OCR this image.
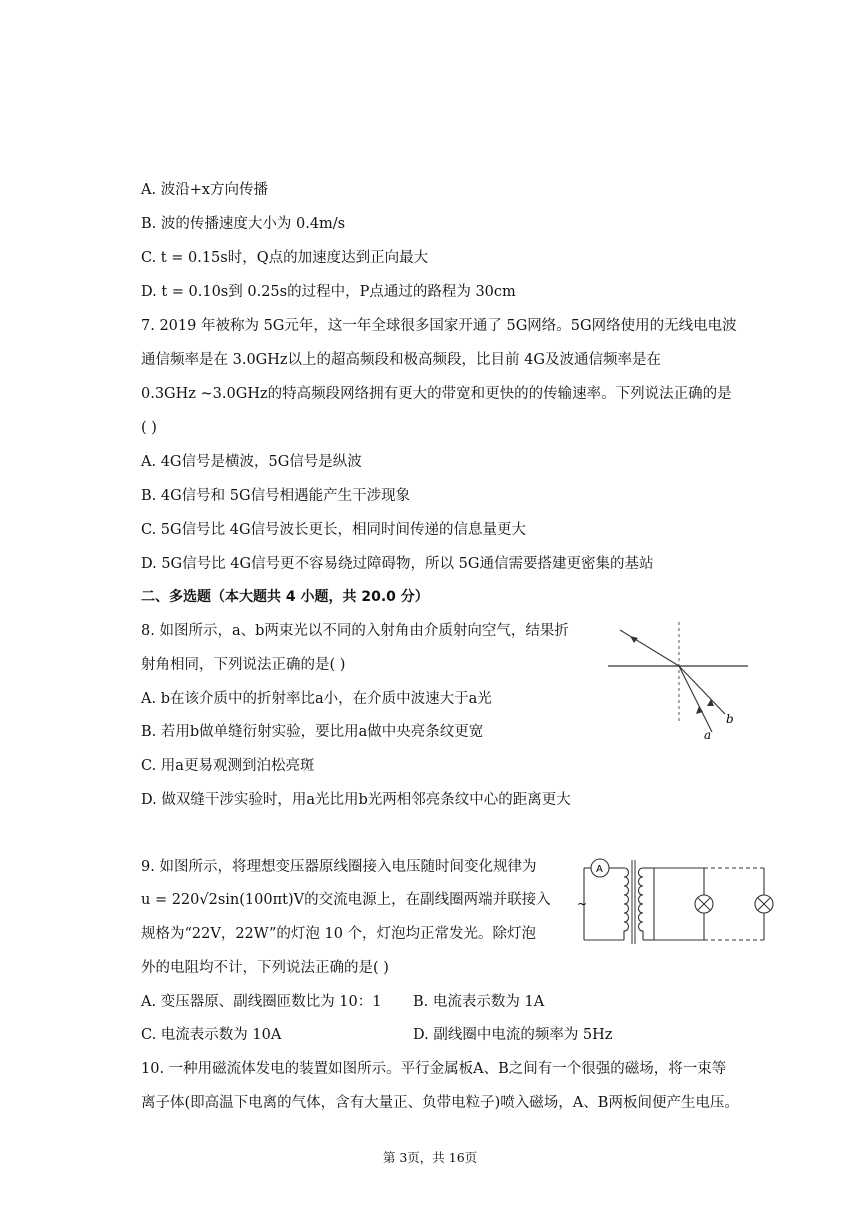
A. 波沿+x方向传播
B. 波的传播速度大小为 0.4m/s
C. t = 0.15s时，Q点的加速度达到正向最大
D. t = 0.10s到 0.25s的过程中，P点通过的路程为 30cm
7. 2019 年被称为 5G元年，这一年全球很多国家开通了 5G网络。5G网络使用的无线电电波
通信频率是在 3.0GHz以上的超高频段和极高频段，比目前 4G及波通信频率是在
0.3GHz ~3.0GHz的特高频段网络拥有更大的带宽和更快的的传输速率。下列说法正确的是
( )
A. 4G信号是横波，5G信号是纵波
B. 4G信号和 5G信号相遇能产生干涉现象
C. 5G信号比 4G信号波长更长，相同时间传递的信息量更大
D. 5G信号比 4G信号更不容易绕过障碍物，所以 5G通信需要搭建更密集的基站
二、多选题（本大题共 4 小题，共 20.0 分）
8. 如图所示，a、b两束光以不同的入射角由介质射向空气，结果折
射角相同，下列说法正确的是( )
A. b在该介质中的折射率比a小，在介质中波速大于a光
B. 若用b做单缝衍射实验，要比用a做中央亮条纹更宽
C. 用a更易观测到泊松亮斑
D. 做双缝干涉实验时，用a光比用b光两相邻亮条纹中心的距离更大
a
b
9. 如图所示，将理想变压器原线圈接入电压随时间变化规律为
u = 220√2sin(100πt)V的交流电源上，在副线圈两端并联接入
规格为“22V，22W”的灯泡 10 个，灯泡均正常发光。除灯泡
外的电阻均不计，下列说法正确的是( )
A. 变压器原、副线圈匝数比为 10：1 B. 电流表示数为 1A
C. 电流表示数为 10A	D. 副线圈中电流的频率为 5Hz
A
~
10. 一种用磁流体发电的装置如图所示。平行金属板A、B之间有一个很强的磁场，将一束等
离子体(即高温下电离的气体，含有大量正、负带电粒子)喷入磁场，A、B两板间便产生电压。
第 3页，共 16页
